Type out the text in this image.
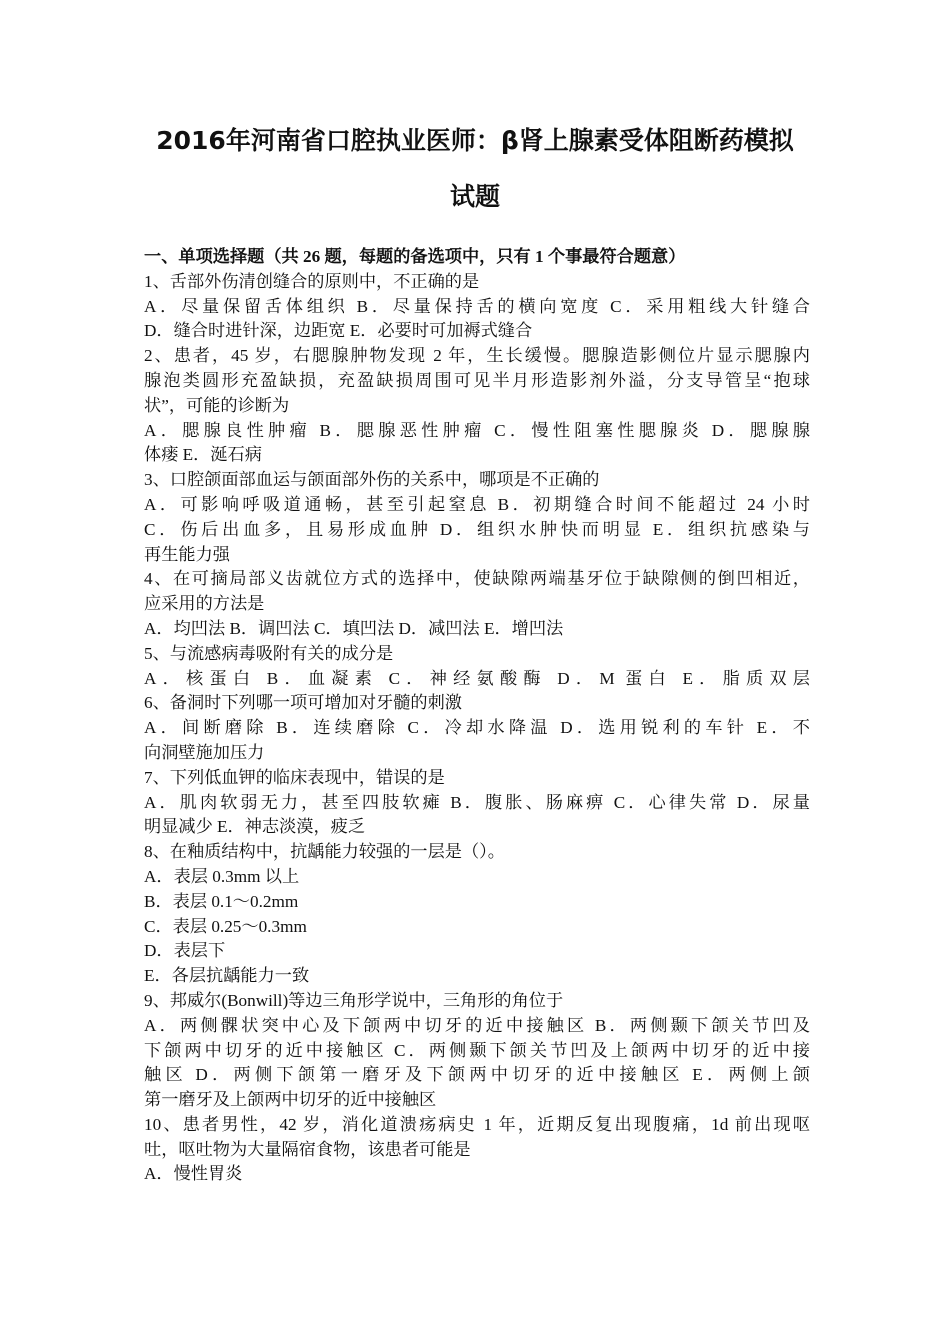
2016年河南省口腔执业医师：β肾上腺素受体阻断药模拟
试题
一、单项选择题（共 26 题，每题的备选项中，只有 1 个事最符合题意）
1、舌部外伤清创缝合的原则中，不正确的是
A．尽量保留舌体组织 B．尽量保持舌的横向宽度 C．采用粗线大针缝合
D．缝合时进针深，边距宽 E．必要时可加褥式缝合
2、患者，45 岁，右腮腺肿物发现 2 年，生长缓慢。腮腺造影侧位片显示腮腺内
腺泡类圆形充盈缺损，充盈缺损周围可见半月形造影剂外溢，分支导管呈“抱球
状”，可能的诊断为
A．腮腺良性肿瘤 B．腮腺恶性肿瘤 C．慢性阻塞性腮腺炎 D．腮腺腺
体瘘 E．涎石病
3、口腔颌面部血运与颌面部外伤的关系中，哪项是不正确的
A．可影响呼吸道通畅，甚至引起窒息 B．初期缝合时间不能超过 24 小时
C．伤后出血多，且易形成血肿 D．组织水肿快而明显 E．组织抗感染与
再生能力强
4、在可摘局部义齿就位方式的选择中，使缺隙两端基牙位于缺隙侧的倒凹相近，
应采用的方法是
A．均凹法 B．调凹法 C．填凹法 D．减凹法 E．增凹法
5、与流感病毒吸附有关的成分是
A．核蛋白 B．血凝素 C．神经氨酸酶 D．M 蛋白 E．脂质双层
6、备洞时下列哪一项可增加对牙髓的刺激
A．间断磨除 B．连续磨除 C．冷却水降温 D．选用锐利的车针 E．不
向洞壁施加压力
7、下列低血钾的临床表现中，错误的是
A．肌肉软弱无力，甚至四肢软瘫 B．腹胀、肠麻痹 C．心律失常 D．尿量
明显减少 E．神志淡漠，疲乏
8、在釉质结构中，抗龋能力较强的一层是（）。
A．表层 0.3mm 以上
B．表层 0.1～0.2mm
C．表层 0.25～0.3mm
D．表层下
E．各层抗龋能力一致
9、邦威尔(Bonwill)等边三角形学说中，三角形的角位于
A．两侧髁状突中心及下颌两中切牙的近中接触区 B．两侧颞下颌关节凹及
下颌两中切牙的近中接触区 C．两侧颞下颌关节凹及上颌两中切牙的近中接
触区 D．两侧下颌第一磨牙及下颌两中切牙的近中接触区 E．两侧上颌
第一磨牙及上颌两中切牙的近中接触区
10、患者男性，42 岁，消化道溃疡病史 1 年，近期反复出现腹痛，1d 前出现呕
吐，呕吐物为大量隔宿食物，该患者可能是
A．慢性胃炎
